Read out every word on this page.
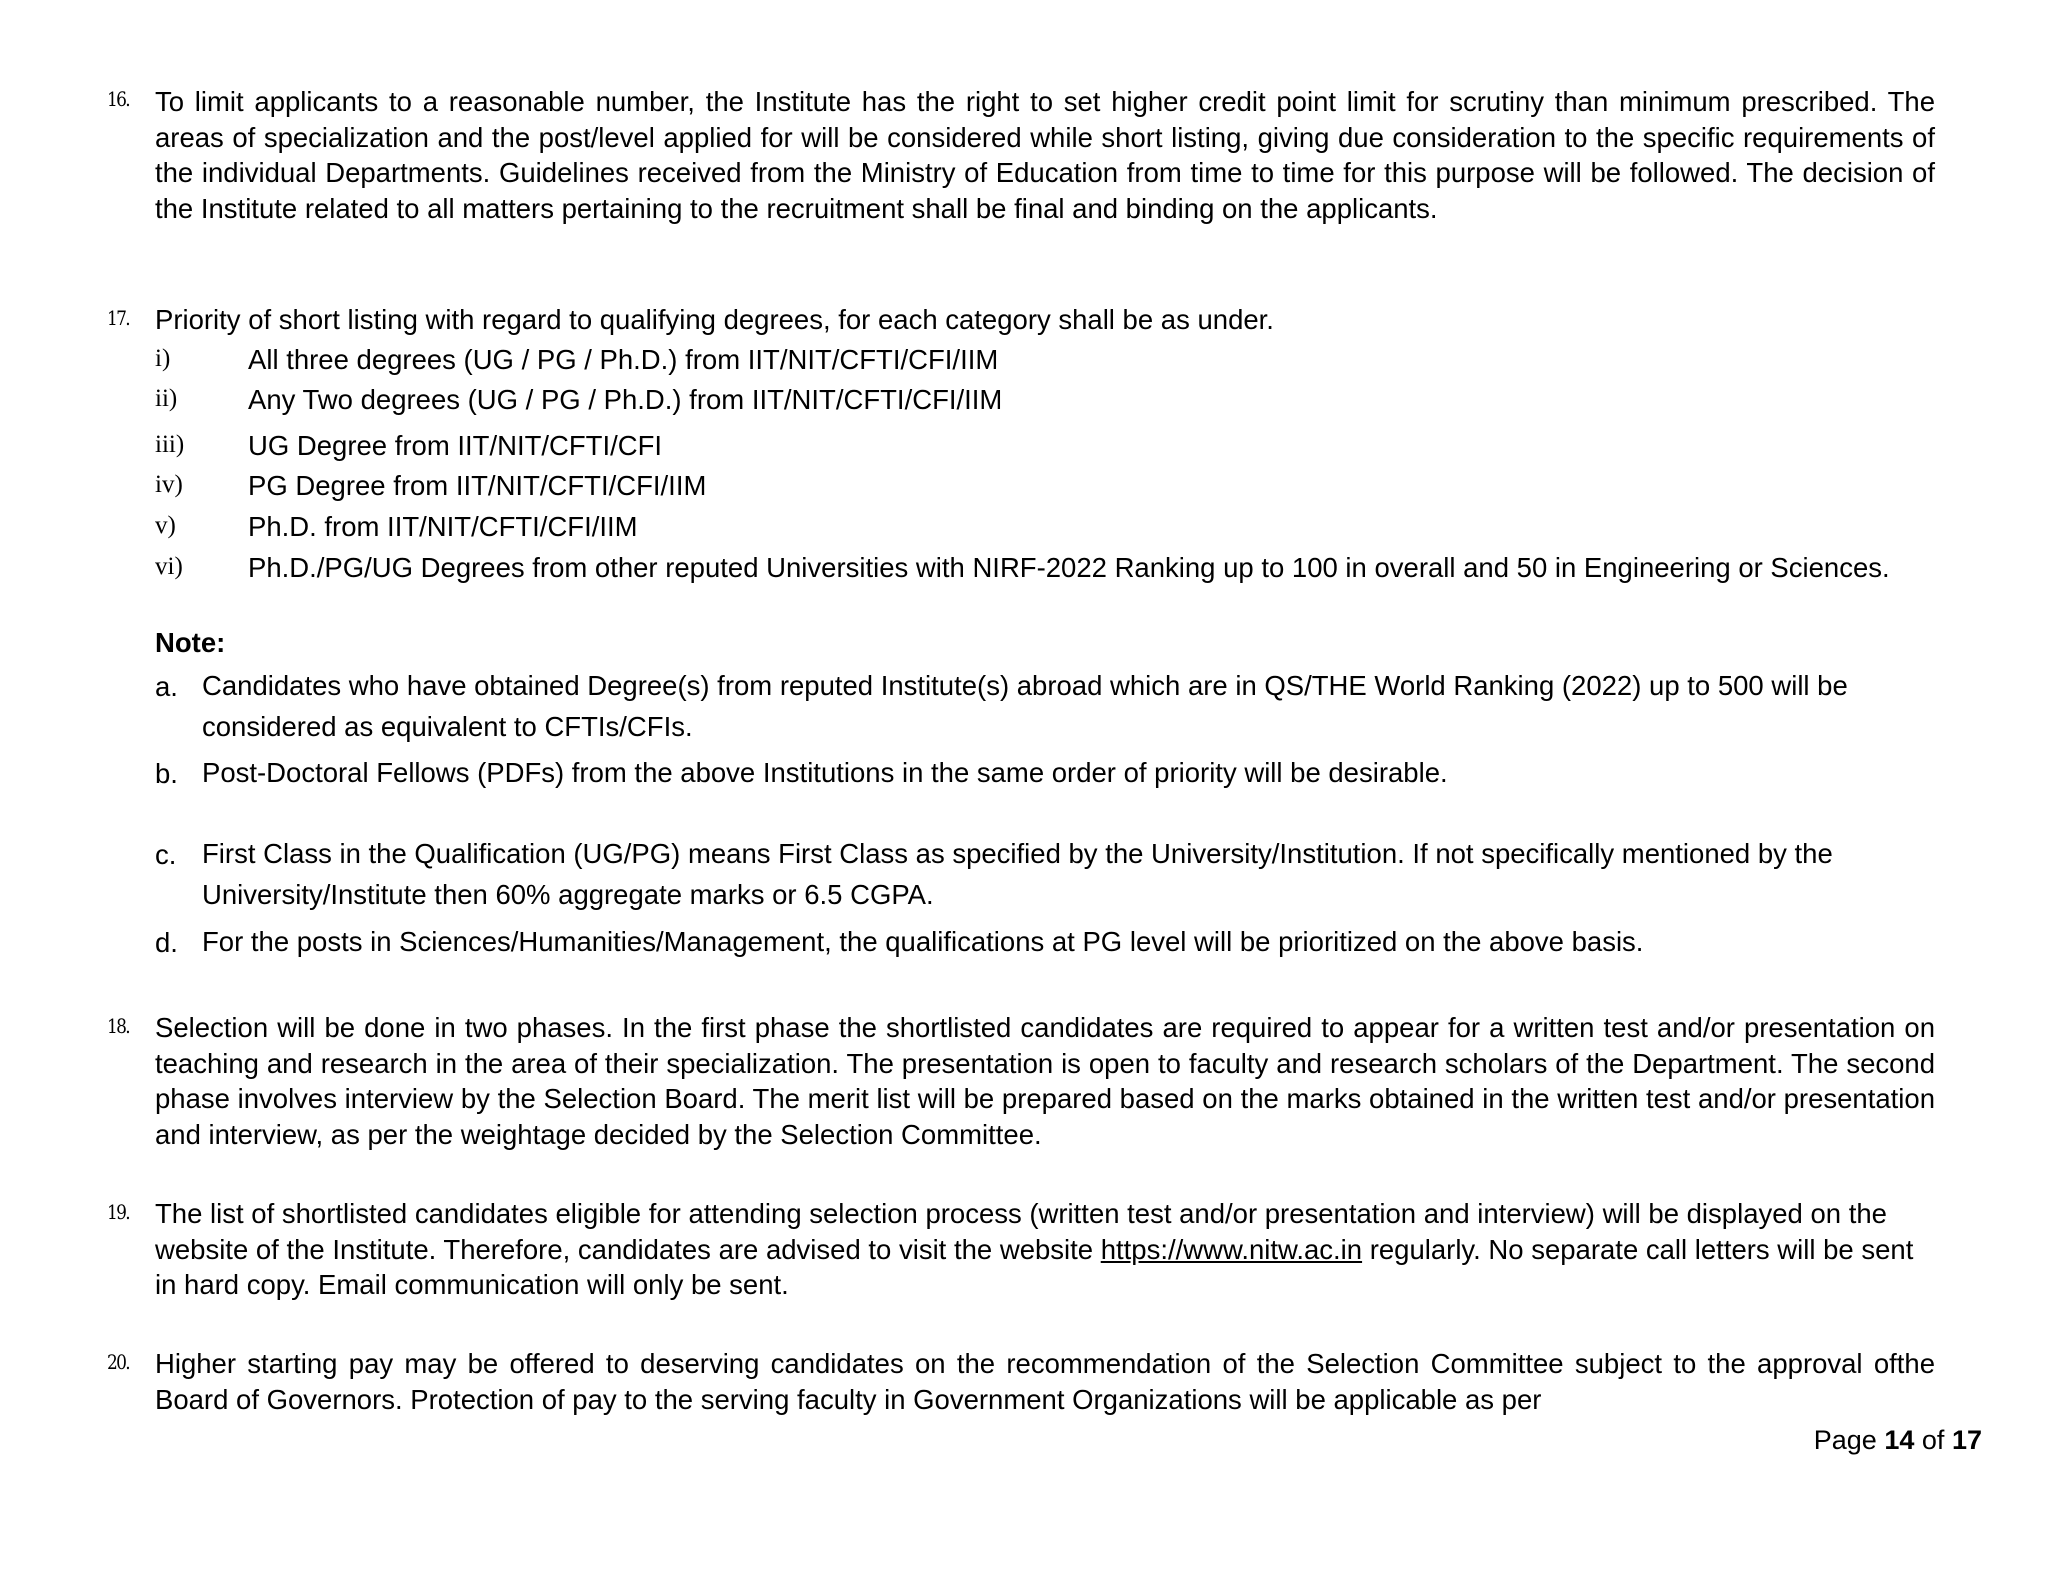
16. To limit applicants to a reasonable number, the Institute has the right to set higher credit point limit for scrutiny than minimum prescribed. The areas of specialization and the post/level applied for will be considered while short listing, giving due consideration to the specific requirements of the individual Departments. Guidelines received from the Ministry of Education from time to time for this purpose will be followed. The decision of the Institute related to all matters pertaining to the recruitment shall be final and binding on the applicants.
17. Priority of short listing with regard to qualifying degrees, for each category shall be as under.
i)	All three degrees (UG / PG / Ph.D.) from IIT/NIT/CFTI/CFI/IIM
ii)	Any Two degrees (UG / PG / Ph.D.) from IIT/NIT/CFTI/CFI/IIM
iii) UG Degree from IIT/NIT/CFTI/CFI
iv) PG Degree from IIT/NIT/CFTI/CFI/IIM
v)	Ph.D. from IIT/NIT/CFTI/CFI/IIM
vi) Ph.D./PG/UG Degrees from other reputed Universities with NIRF-2022 Ranking up to 100 in overall and 50 in Engineering or Sciences.
Note:
a. Candidates who have obtained Degree(s) from reputed Institute(s) abroad which are in QS/THE World Ranking (2022) up to 500 will be considered as equivalent to CFTIs/CFIs.
b. Post-Doctoral Fellows (PDFs) from the above Institutions in the same order of priority will be desirable.
c. First Class in the Qualification (UG/PG) means First Class as specified by the University/Institution. If not specifically mentioned by the University/Institute then 60% aggregate marks or 6.5 CGPA.
d. For the posts in Sciences/Humanities/Management, the qualifications at PG level will be prioritized on the above basis.
18. Selection will be done in two phases. In the first phase the shortlisted candidates are required to appear for a written test and/or presentation on teaching and research in the area of their specialization. The presentation is open to faculty and research scholars of the Department. The second phase involves interview by the Selection Board. The merit list will be prepared based on the marks obtained in the written test and/or presentation and interview, as per the weightage decided by the Selection Committee.
19. The list of shortlisted candidates eligible for attending selection process (written test and/or presentation and interview) will be displayed on the website of the Institute. Therefore, candidates are advised to visit the website https://www.nitw.ac.in regularly. No separate call letters will be sent in hard copy. Email communication will only be sent.
20. Higher starting pay may be offered to deserving candidates on the recommendation of the Selection Committee subject to the approval ofthe Board of Governors. Protection of pay to the serving faculty in Government Organizations will be applicable as per
Page 14 of 17
